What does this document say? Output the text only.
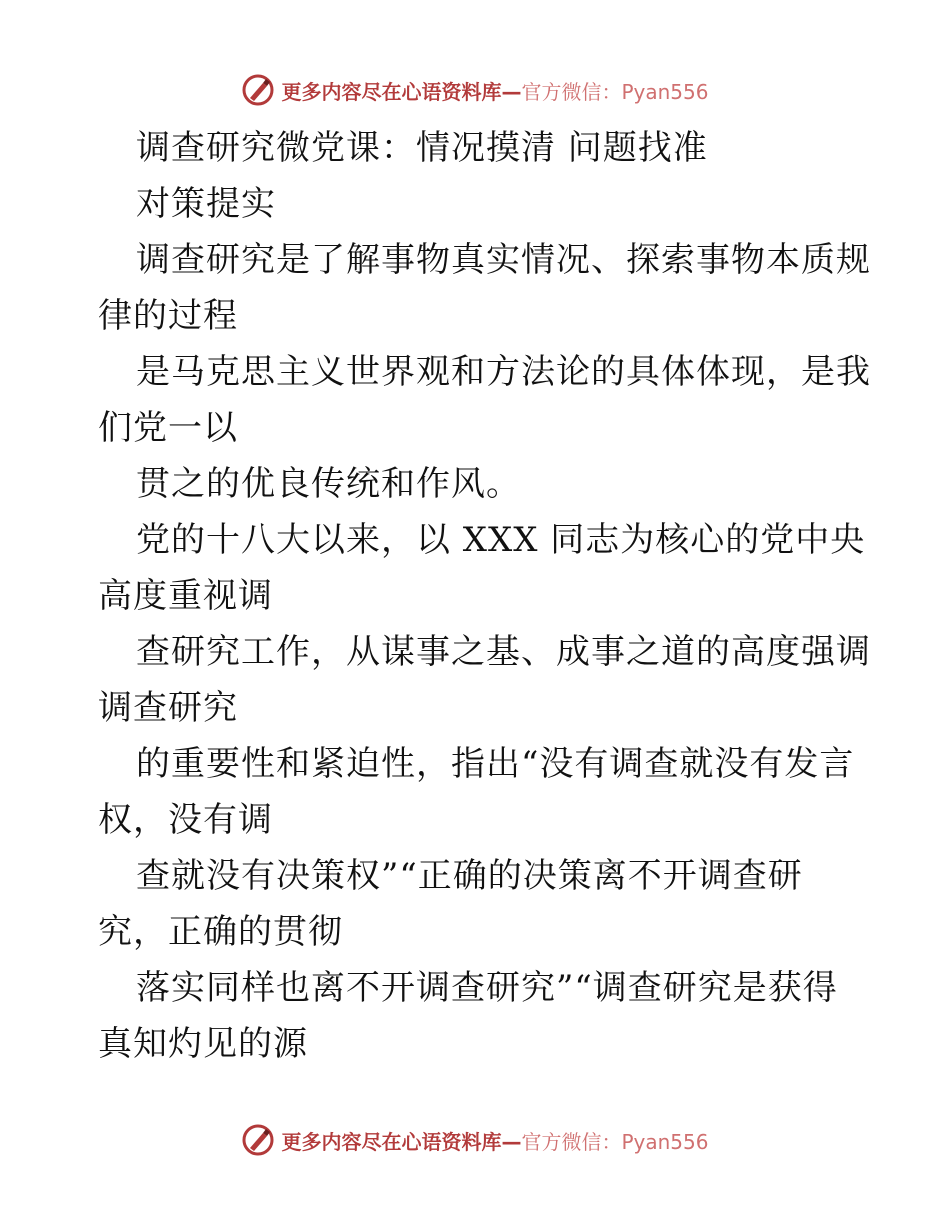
更多内容尽在心语资料库— 官方微信：Pyan556
调查研究微党课：情况摸清 问题找准
对策提实
调查研究是了解事物真实情况、探索事物本质规
律的过程
是马克思主义世界观和方法论的具体体现，是我
们党一以
贯之的优良传统和作风。
党的十八大以来，以 XXX 同志为核心的党中央
高度重视调
查研究工作，从谋事之基、成事之道的高度强调
调查研究
的重要性和紧迫性，指出“没有调查就没有发言
权，没有调
查就没有决策权”“正确的决策离不开调查研
究，正确的贯彻
落实同样也离不开调查研究”“调查研究是获得
真知灼见的源
更多内容尽在心语资料库— 官方微信：Pyan556
